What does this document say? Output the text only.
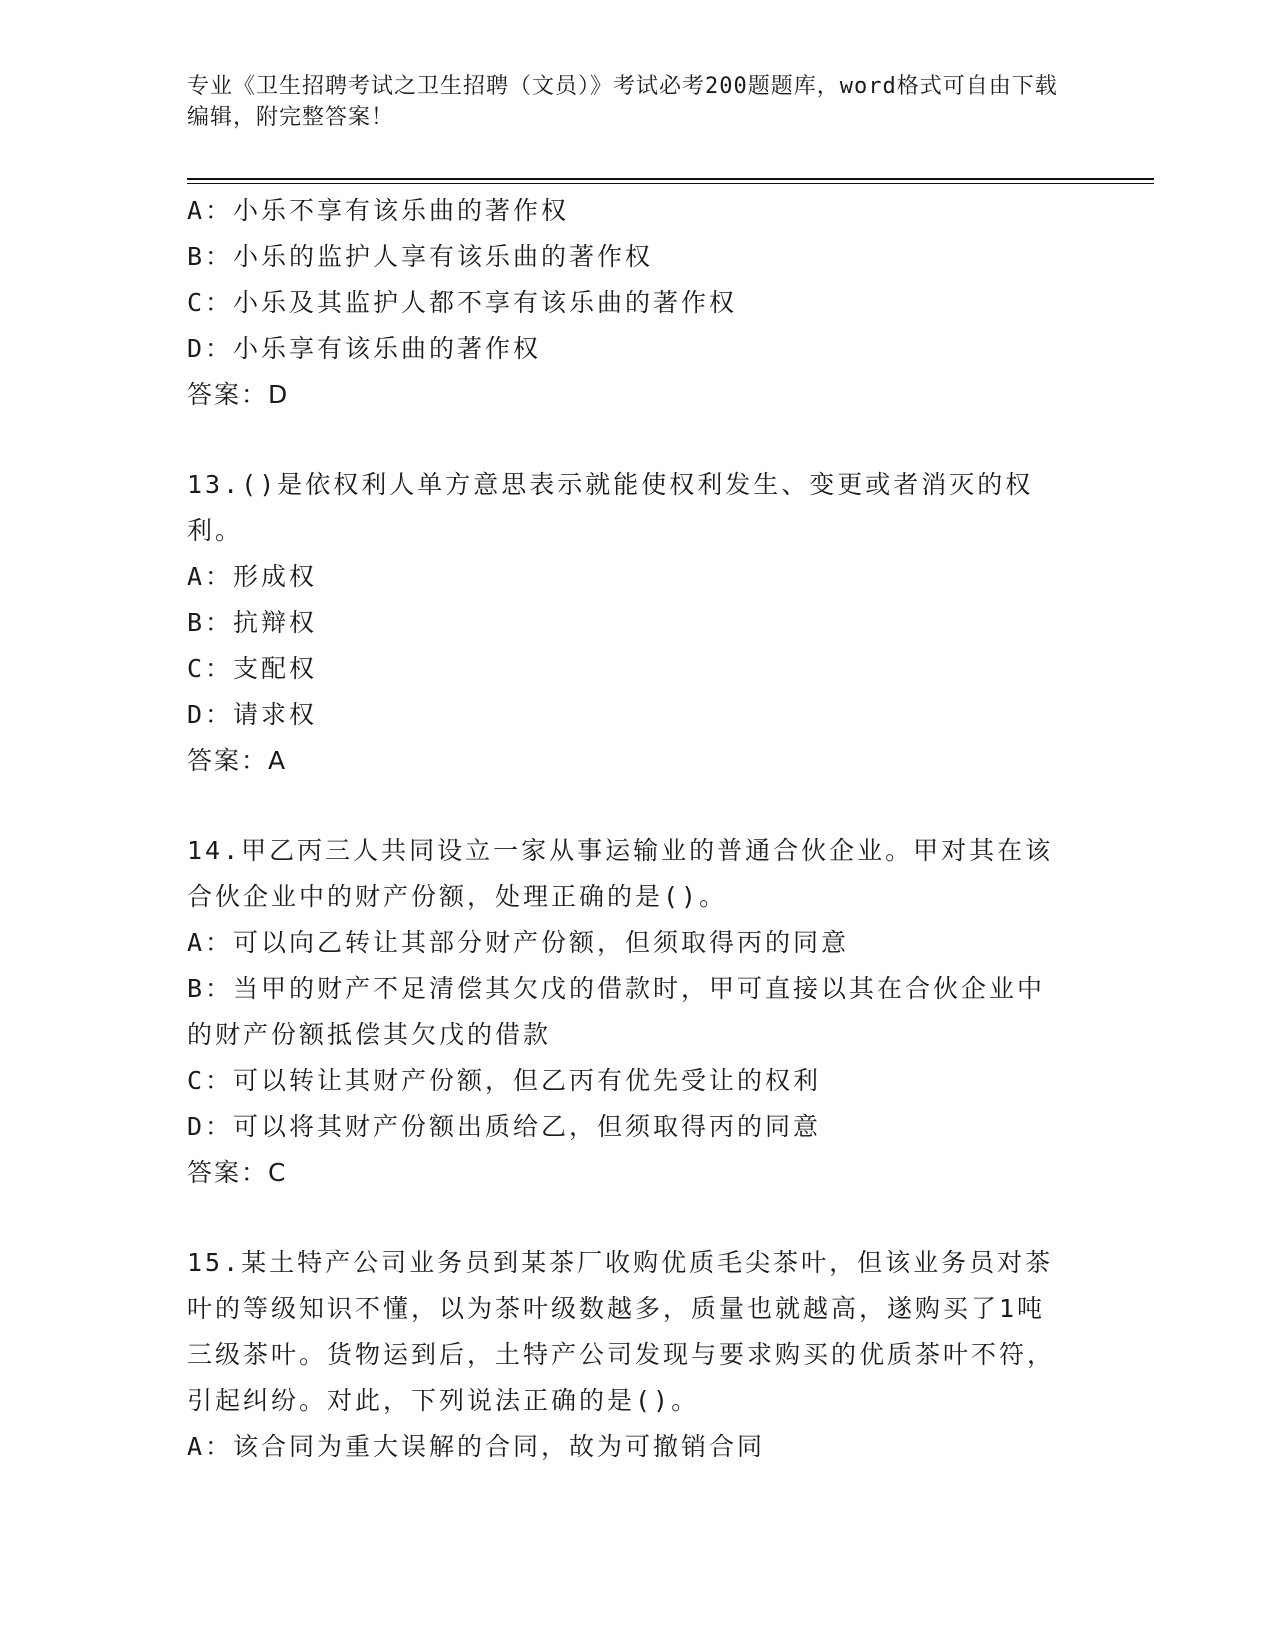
专业《卫生招聘考试之卫生招聘（文员）》考试必考200题题库，word格式可自由下载编辑，附完整答案！
A：小乐不享有该乐曲的著作权
B：小乐的监护人享有该乐曲的著作权
C：小乐及其监护人都不享有该乐曲的著作权
D：小乐享有该乐曲的著作权
答案：D
13.()是依权利人单方意思表示就能使权利发生、变更或者消灭的权利。
A：形成权
B：抗辩权
C：支配权
D：请求权
答案：A
14.甲乙丙三人共同设立一家从事运输业的普通合伙企业。甲对其在该合伙企业中的财产份额，处理正确的是()。
A：可以向乙转让其部分财产份额，但须取得丙的同意
B：当甲的财产不足清偿其欠戊的借款时，甲可直接以其在合伙企业中的财产份额抵偿其欠戊的借款
C：可以转让其财产份额，但乙丙有优先受让的权利
D：可以将其财产份额出质给乙，但须取得丙的同意
答案：C
15.某土特产公司业务员到某茶厂收购优质毛尖茶叶，但该业务员对茶叶的等级知识不懂，以为茶叶级数越多，质量也就越高，遂购买了1吨三级茶叶。货物运到后，土特产公司发现与要求购买的优质茶叶不符，引起纠纷。对此，下列说法正确的是()。
A：该合同为重大误解的合同，故为可撤销合同
